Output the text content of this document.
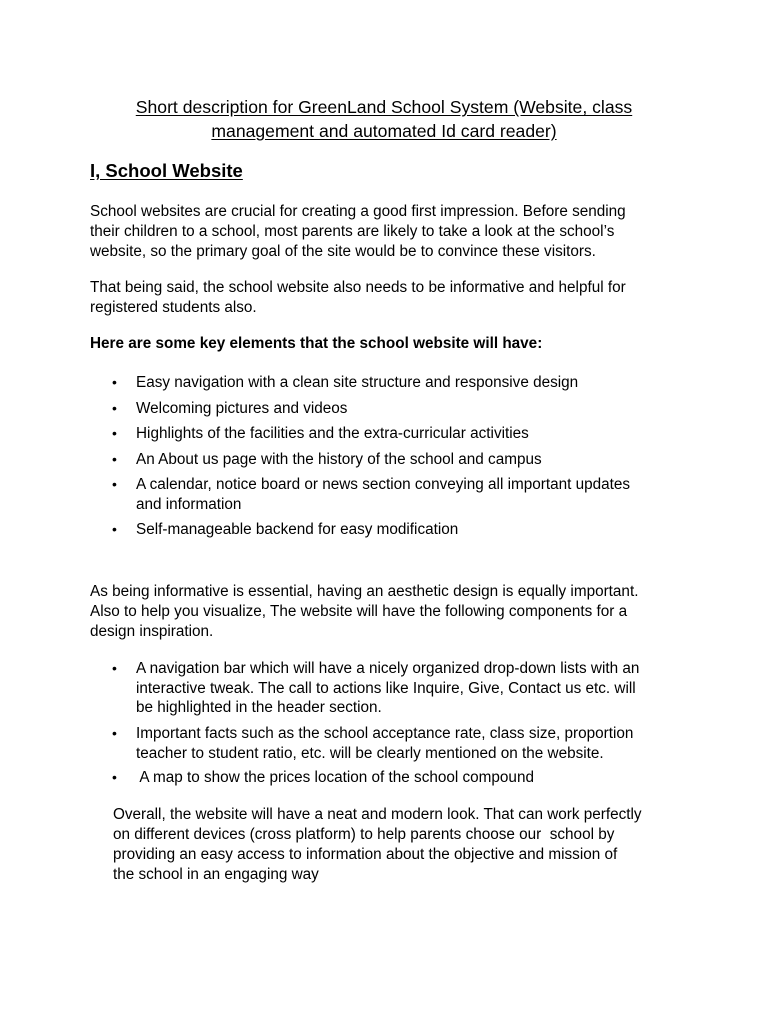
Short description for GreenLand School System (Website, class
management and automated Id card reader)
I, School Website
School websites are crucial for creating a good first impression. Before sending
their children to a school, most parents are likely to take a look at the school’s
website, so the primary goal of the site would be to convince these visitors.
That being said, the school website also needs to be informative and helpful for
registered students also.
Here are some key elements that the school website will have:
•	Easy navigation with a clean site structure and responsive design
•	Welcoming pictures and videos
•	Highlights of the facilities and the extra-curricular activities
•	An About us page with the history of the school and campus
•	A calendar, notice board or news section conveying all important updates
and information
•	Self-manageable backend for easy modification
As being informative is essential, having an aesthetic design is equally important.
Also to help you visualize, The website will have the following components for a
design inspiration.
•	A navigation bar which will have a nicely organized drop-down lists with an
interactive tweak. The call to actions like Inquire, Give, Contact us etc. will
be highlighted in the header section.
•	Important facts such as the school acceptance rate, class size, proportion
teacher to student ratio, etc. will be clearly mentioned on the website.
•	A map to show the prices location of the school compound
Overall, the website will have a neat and modern look. That can work perfectly
on different devices (cross platform) to help parents choose our  school by
providing an easy access to information about the objective and mission of
the school in an engaging way
